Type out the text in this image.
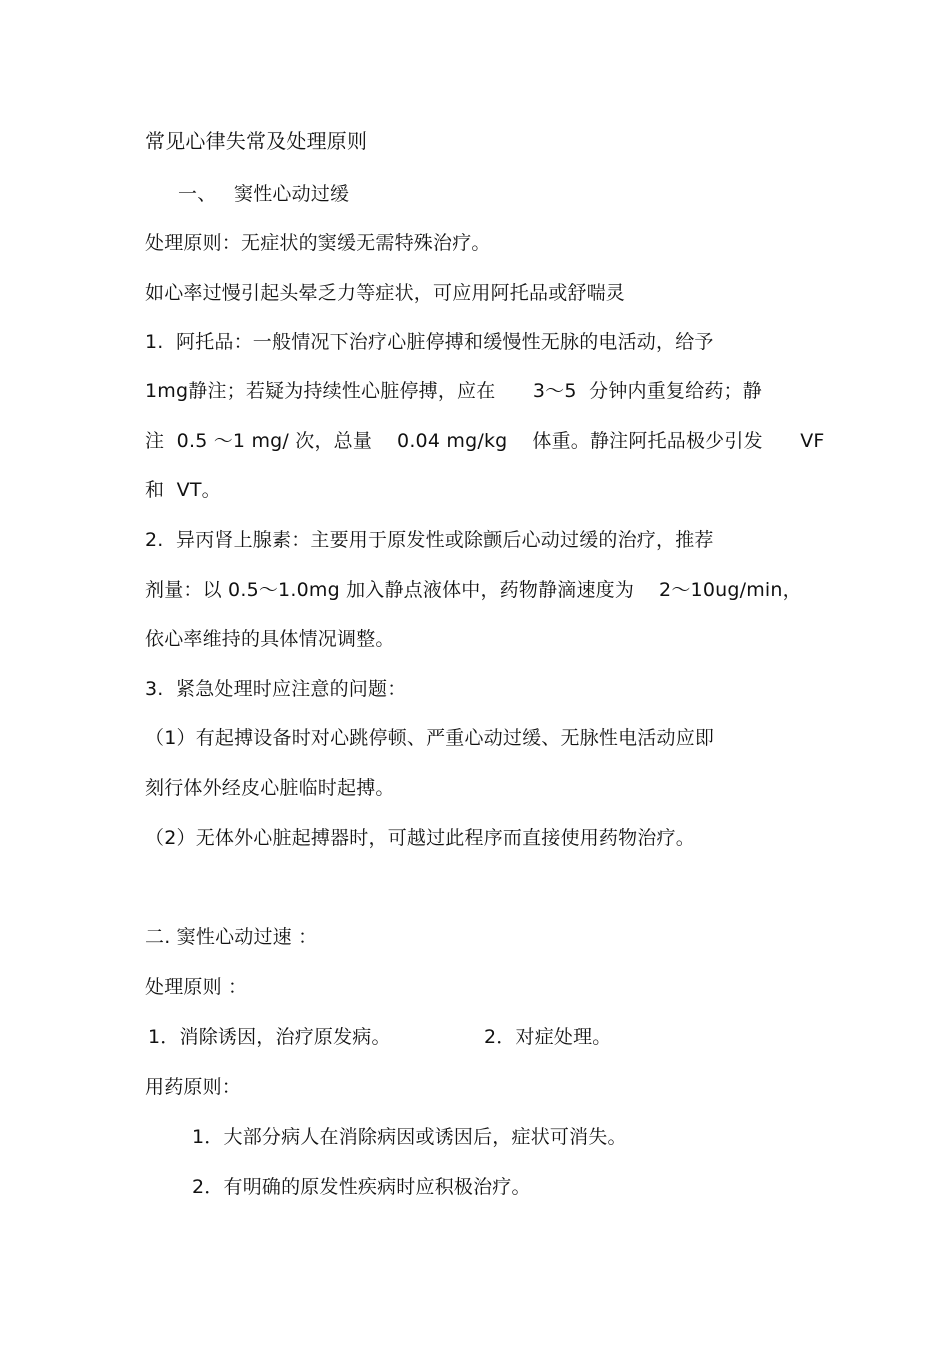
常见心律失常及处理原则
一、 窦性心动过缓
处理原则：无症状的窦缓无需特殊治疗。
如心率过慢引起头晕乏力等症状，可应用阿托品或舒喘灵
1.  阿托品：一般情况下治疗心脏停搏和缓慢性无脉的电活动，给予
1mg静注；若疑为持续性心脏停搏，应在      3～5  分钟内重复给药；静
注  0.5 ～1 mg/ 次，总量    0.04 mg/kg    体重。静注阿托品极少引发      VF
和  VT。
2.  异丙肾上腺素：主要用于原发性或除颤后心动过缓的治疗，推荐
剂量：以 0.5～1.0mg 加入静点液体中，药物静滴速度为    2～10ug/min，
依心率维持的具体情况调整。
3.  紧急处理时应注意的问题：
（1）有起搏设备时对心跳停顿、严重心动过缓、无脉性电活动应即
刻行体外经皮心脏临时起搏。
（2）无体外心脏起搏器时，可越过此程序而直接使用药物治疗。
二. 窦性心动过速 ：
处理原则 ：
1．消除诱因，治疗原发病。	2．对症处理。
用药原则：
1．大部分病人在消除病因或诱因后，症状可消失。
2．有明确的原发性疾病时应积极治疗。
